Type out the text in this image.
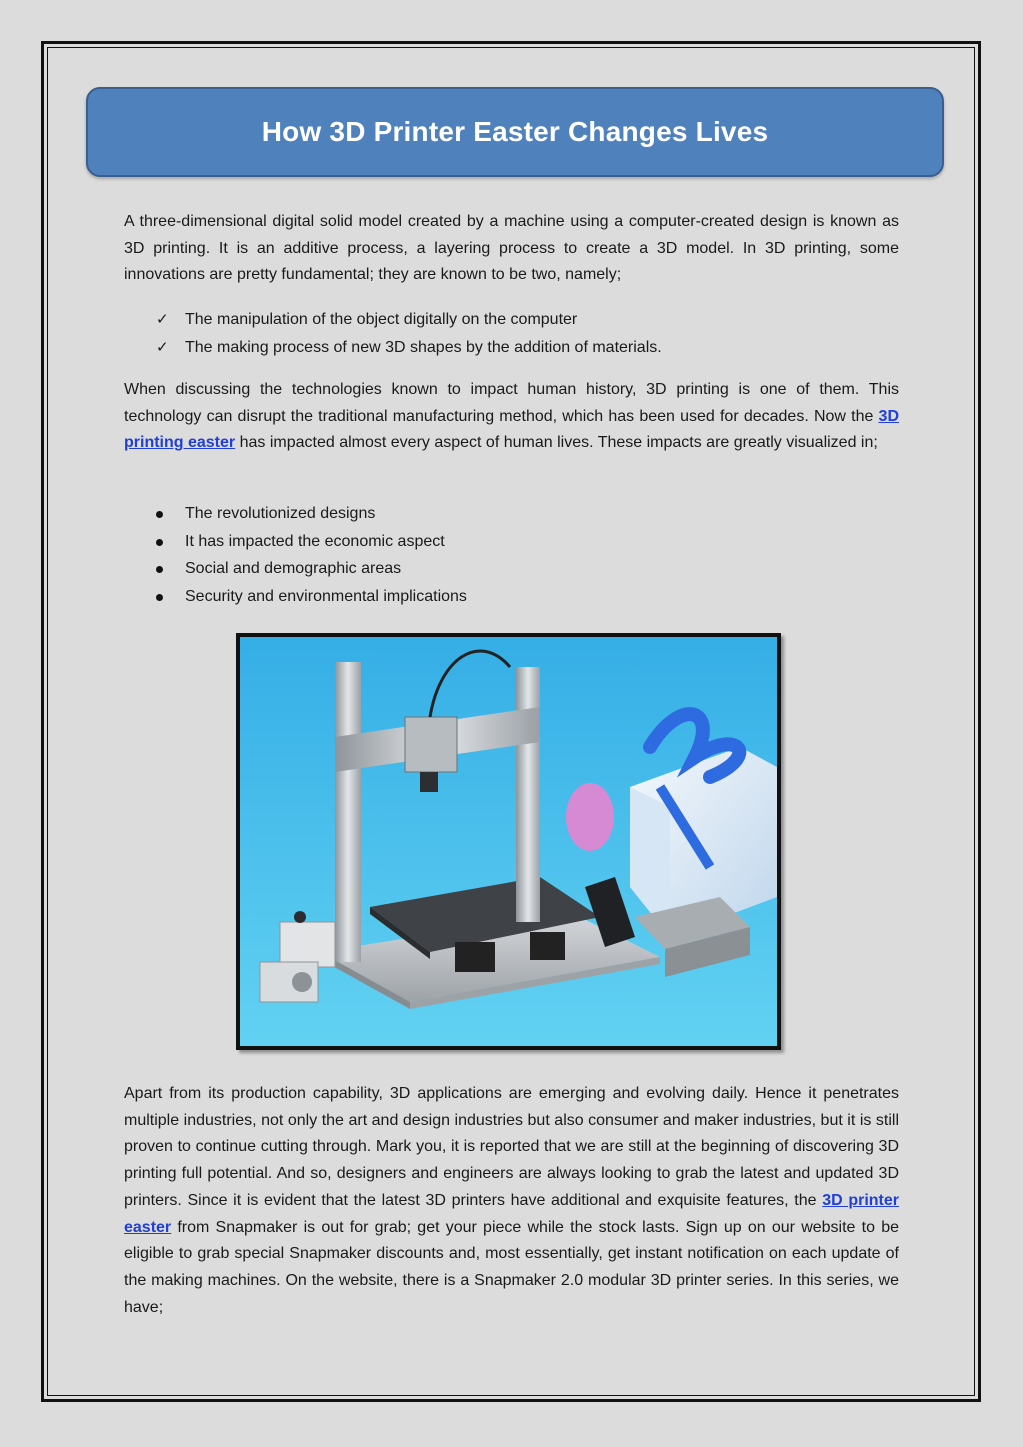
How 3D Printer Easter Changes Lives

A three-dimensional digital solid model created by a machine using a computer-created design is known as 3D printing. It is an additive process, a layering process to create a 3D model. In 3D printing, some innovations are pretty fundamental; they are known to be two, namely;

✓ The manipulation of the object digitally on the computer
✓ The making process of new 3D shapes by the addition of materials.

When discussing the technologies known to impact human history, 3D printing is one of them. This technology can disrupt the traditional manufacturing method, which has been used for decades. Now the 3D printing easter has impacted almost every aspect of human lives. These impacts are greatly visualized in;

The revolutionized designs
It has impacted the economic aspect
Social and demographic areas
Security and environmental implications

Apart from its production capability, 3D applications are emerging and evolving daily. Hence it penetrates multiple industries, not only the art and design industries but also consumer and maker industries, but it is still proven to continue cutting through. Mark you, it is reported that we are still at the beginning of discovering 3D printing full potential. And so, designers and engineers are always looking to grab the latest and updated 3D printers. Since it is evident that the latest 3D printers have additional and exquisite features, the 3D printer easter from Snapmaker is out for grab; get your piece while the stock lasts. Sign up on our website to be eligible to grab special Snapmaker discounts and, most essentially, get instant notification on each update of the making machines. On the website, there is a Snapmaker 2.0 modular 3D printer series. In this series, we have;
